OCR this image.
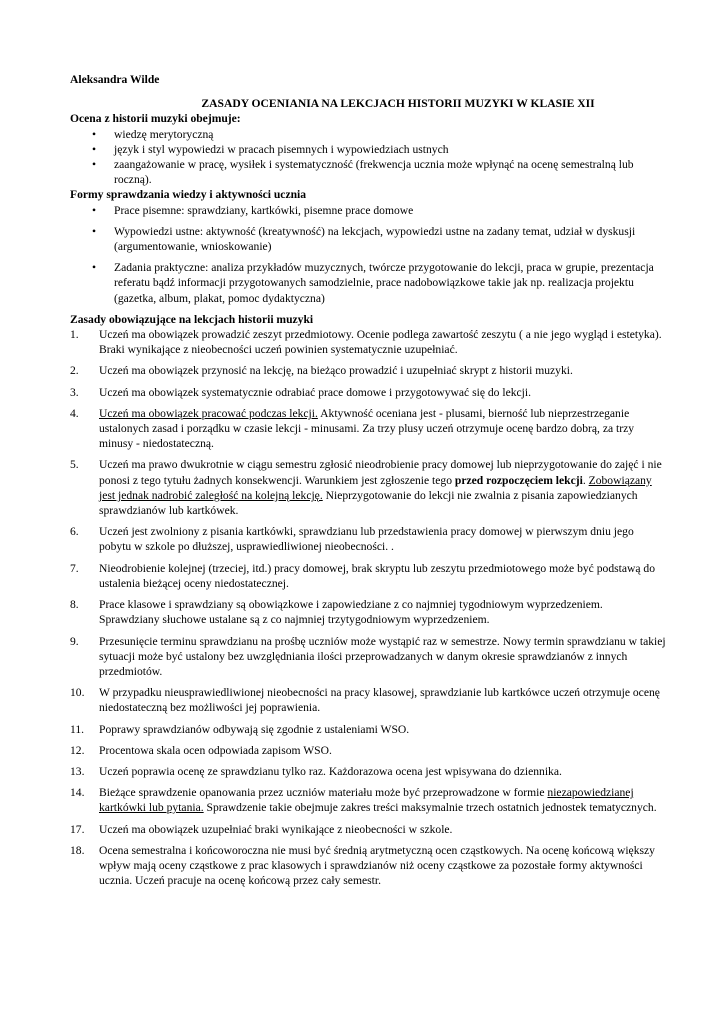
Aleksandra Wilde

ZASADY OCENIANIA NA LEKCJACH HISTORII MUZYKI W KLASIE XII

Ocena z historii muzyki obejmuje:

• wiedzę merytoryczną
• język i styl wypowiedzi w pracach pisemnych i wypowiedziach ustnych
• zaangażowanie w pracę, wysiłek i systematyczność (frekwencja ucznia może wpłynąć na ocenę semestralną lub roczną).

Formy sprawdzania wiedzy i aktywności ucznia

• Prace pisemne: sprawdziany, kartkówki, pisemne prace domowe
• Wypowiedzi ustne: aktywność (kreatywność) na lekcjach, wypowiedzi ustne na zadany temat, udział w dyskusji (argumentowanie, wnioskowanie)
• Zadania praktyczne: analiza przykładów muzycznych, twórcze przygotowanie do lekcji, praca w grupie, prezentacja referatu bądź informacji przygotowanych samodzielnie, prace nadobowiązkowe takie jak np. realizacja projektu (gazetka, album, plakat, pomoc dydaktyczna)

Zasady obowiązujące na lekcjach historii muzyki

1. Uczeń ma obowiązek prowadzić zeszyt przedmiotowy. Ocenie podlega zawartość zeszytu ( a nie jego wygląd i estetyka). Braki wynikające z nieobecności uczeń powinien systematycznie uzupełniać.
2. Uczeń ma obowiązek przynosić na lekcję, na bieżąco prowadzić i uzupełniać skrypt z historii muzyki.
3. Uczeń ma obowiązek systematycznie odrabiać prace domowe i przygotowywać się do lekcji.
4. Uczeń ma obowiązek pracować podczas lekcji. Aktywność oceniana jest - plusami, bierność lub nieprzestrzeganie ustalonych zasad i porządku w czasie lekcji - minusami. Za trzy plusy uczeń otrzymuje ocenę bardzo dobrą, za trzy minusy - niedostateczną.
5. Uczeń ma prawo dwukrotnie w ciągu semestru zgłosić nieodrobienie pracy domowej lub nieprzygotowanie do zajęć i nie ponosi z tego tytułu żadnych konsekwencji. Warunkiem jest zgłoszenie tego przed rozpoczęciem lekcji. Zobowiązany jest jednak nadrobić zaległość na kolejną lekcję. Nieprzygotowanie do lekcji nie zwalnia z pisania zapowiedzianych sprawdzianów lub kartkówek.
6. Uczeń jest zwolniony z pisania kartkówki, sprawdzianu lub przedstawienia pracy domowej w pierwszym dniu jego pobytu w szkole po dłuższej, usprawiedliwionej nieobecności. .
7. Nieodrobienie kolejnej (trzeciej, itd.) pracy domowej, brak skryptu lub zeszytu przedmiotowego może być podstawą do ustalenia bieżącej oceny niedostatecznej.
8. Prace klasowe i sprawdziany są obowiązkowe i zapowiedziane z co najmniej tygodniowym wyprzedzeniem. Sprawdziany słuchowe ustalane są z co najmniej trzytygodniowym wyprzedzeniem.
9. Przesunięcie terminu sprawdzianu na prośbę uczniów może wystąpić raz w semestrze. Nowy termin sprawdzianu w takiej sytuacji może być ustalony bez uwzględniania ilości przeprowadzanych w danym okresie sprawdzianów z innych przedmiotów.
10. W przypadku nieusprawiedliwionej nieobecności na pracy klasowej, sprawdzianie lub kartkówce uczeń otrzymuje ocenę niedostateczną bez możliwości jej poprawienia.
11. Poprawy sprawdzianów odbywają się zgodnie z ustaleniami WSO.
12. Procentowa skala ocen odpowiada zapisom WSO.
13. Uczeń poprawia ocenę ze sprawdzianu tylko raz. Każdorazowa ocena jest wpisywana do dziennika.
14. Bieżące sprawdzenie opanowania przez uczniów materiału może być przeprowadzone w formie niezapowiedzianej kartkówki lub pytania. Sprawdzenie takie obejmuje zakres treści maksymalnie trzech ostatnich jednostek tematycznych.
17. Uczeń ma obowiązek uzupełniać braki wynikające z nieobecności w szkole.
18. Ocena semestralna i końcoworoczna nie musi być średnią arytmetyczną ocen cząstkowych. Na ocenę końcową większy wpływ mają oceny cząstkowe z prac klasowych i sprawdzianów niż oceny cząstkowe za pozostałe formy aktywności ucznia. Uczeń pracuje na ocenę końcową przez cały semestr.
